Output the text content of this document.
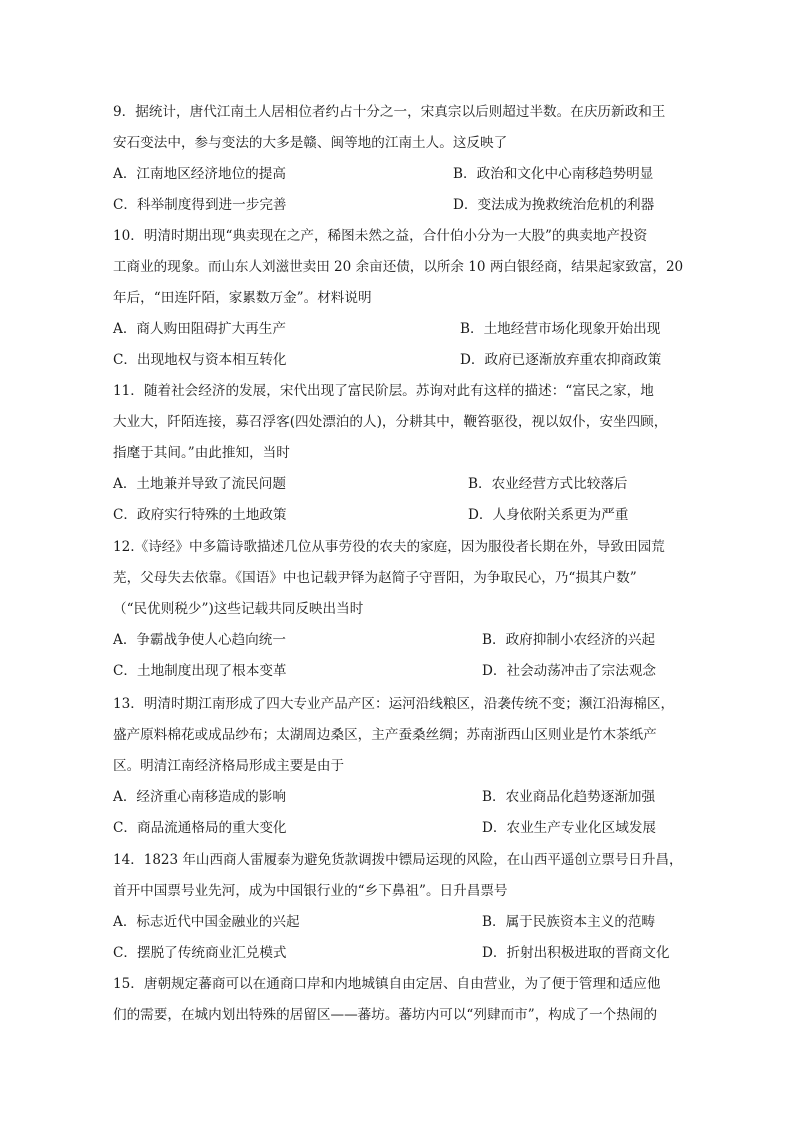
9．据统计，唐代江南土人居相位者约占十分之一，宋真宗以后则超过半数。在庆历新政和王

安石变法中，参与变法的大多是赣、闽等地的江南土人。这反映了

A．江南地区经济地位的提高	B．政治和文化中心南移趋势明显
C．科举制度得到进一步完善	D．变法成为挽救统治危机的利器

10．明清时期出现“典卖现在之产，稀图未然之益，合什伯小分为一大股”的典卖地产投资

工商业的现象。而山东人刘滋世卖田 20 余亩还债，以所余 10 两白银经商，结果起家致富，20

年后，“田连阡陌，家累数万金”。材料说明

A．商人购田阻碍扩大再生产	B．土地经营市场化现象开始出现
C．出现地权与资本相互转化	D．政府已逐渐放弃重农抑商政策

11．随着社会经济的发展，宋代出现了富民阶层。苏询对此有这样的描述：“富民之家，地

大业大，阡陌连接，募召浮客(四处漂泊的人)，分耕其中，鞭笞驱役，视以奴仆，安坐四顾，

指麾于其间。”由此推知，当时

A．土地兼并导致了流民问题	B．农业经营方式比较落后
C．政府实行特殊的土地政策	D．人身依附关系更为严重

12.《诗经》中多篇诗歌描述几位从事劳役的农夫的家庭，因为服役者长期在外，导致田园荒

芜，父母失去依靠。《国语》中也记载尹铎为赵简子守晋阳，为争取民心，乃“损其户数”

（“民优则税少”)这些记载共同反映出当时

A．争霸战争使人心趋向统一	B．政府抑制小农经济的兴起
C．土地制度出现了根本变革	D．社会动荡冲击了宗法观念

13．明清时期江南形成了四大专业产品产区：运河沿线粮区，沿袭传统不变；濒江沿海棉区，

盛产原料棉花或成品纱布；太湖周边桑区，主产蚕桑丝绸；苏南浙西山区则业是竹木茶纸产

区。明清江南经济格局形成主要是由于

A．经济重心南移造成的影响	B．农业商品化趋势逐渐加强
C．商品流通格局的重大变化	D．农业生产专业化区域发展

14．1823 年山西商人雷履泰为避免货款调拨中镖局运现的风险，在山西平遥创立票号日升昌，

首开中国票号业先河，成为中国银行业的“乡下鼻祖”。日升昌票号

A．标志近代中国金融业的兴起	B．属于民族资本主义的范畴
C．摆脱了传统商业汇兑模式	D．折射出积极进取的晋商文化

15．唐朝规定蕃商可以在通商口岸和内地城镇自由定居、自由营业，为了便于管理和适应他

们的需要，在城内划出特殊的居留区——蕃坊。蕃坊内可以“列肆而市”，构成了一个热闹的
